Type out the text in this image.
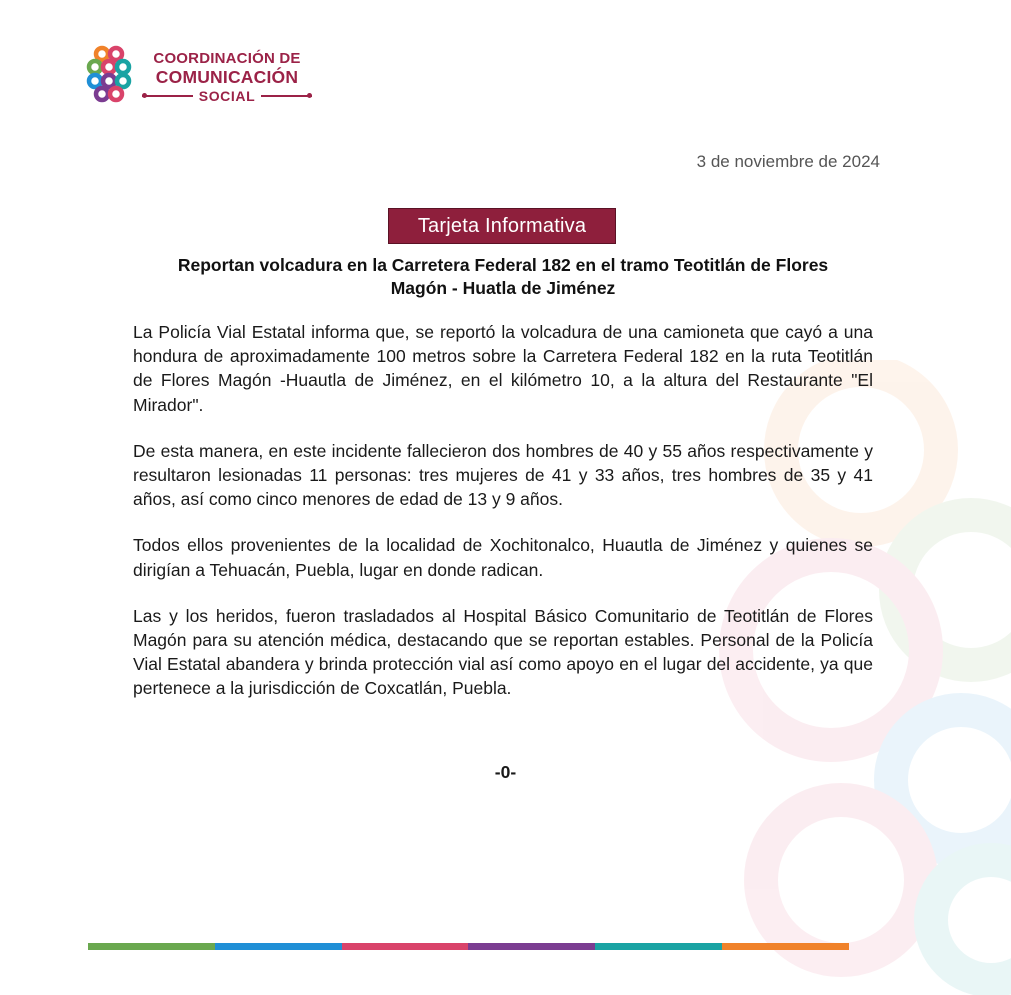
COORDINACIÓN DE
COMUNICACIÓN
SOCIAL
3 de noviembre de 2024
Tarjeta Informativa
Reportan volcadura en la Carretera Federal 182 en el tramo Teotitlán de Flores
Magón - Huatla de Jiménez

La Policía Vial Estatal informa que, se reportó la volcadura de una camioneta que cayó a una hondura de aproximadamente 100 metros sobre la Carretera Federal 182 en la ruta Teotitlán de Flores Magón -Huautla de Jiménez, en el kilómetro 10, a la altura del Restaurante "El Mirador".

De esta manera, en este incidente fallecieron dos hombres de 40 y 55 años respectivamente y resultaron lesionadas 11 personas: tres mujeres de 41 y 33 años, tres hombres de 35 y 41 años, así como cinco menores de edad de 13 y 9 años.

Todos ellos provenientes de la localidad de Xochitonalco, Huautla de Jiménez y quienes se dirigían a Tehuacán, Puebla, lugar en donde radican.

Las y los heridos, fueron trasladados al Hospital Básico Comunitario de Teotitlán de Flores Magón para su atención médica, destacando que se reportan estables. Personal de la Policía Vial Estatal abandera y brinda protección vial así como apoyo en el lugar del accidente, ya que pertenece a la jurisdicción de Coxcatlán, Puebla.

-0-
